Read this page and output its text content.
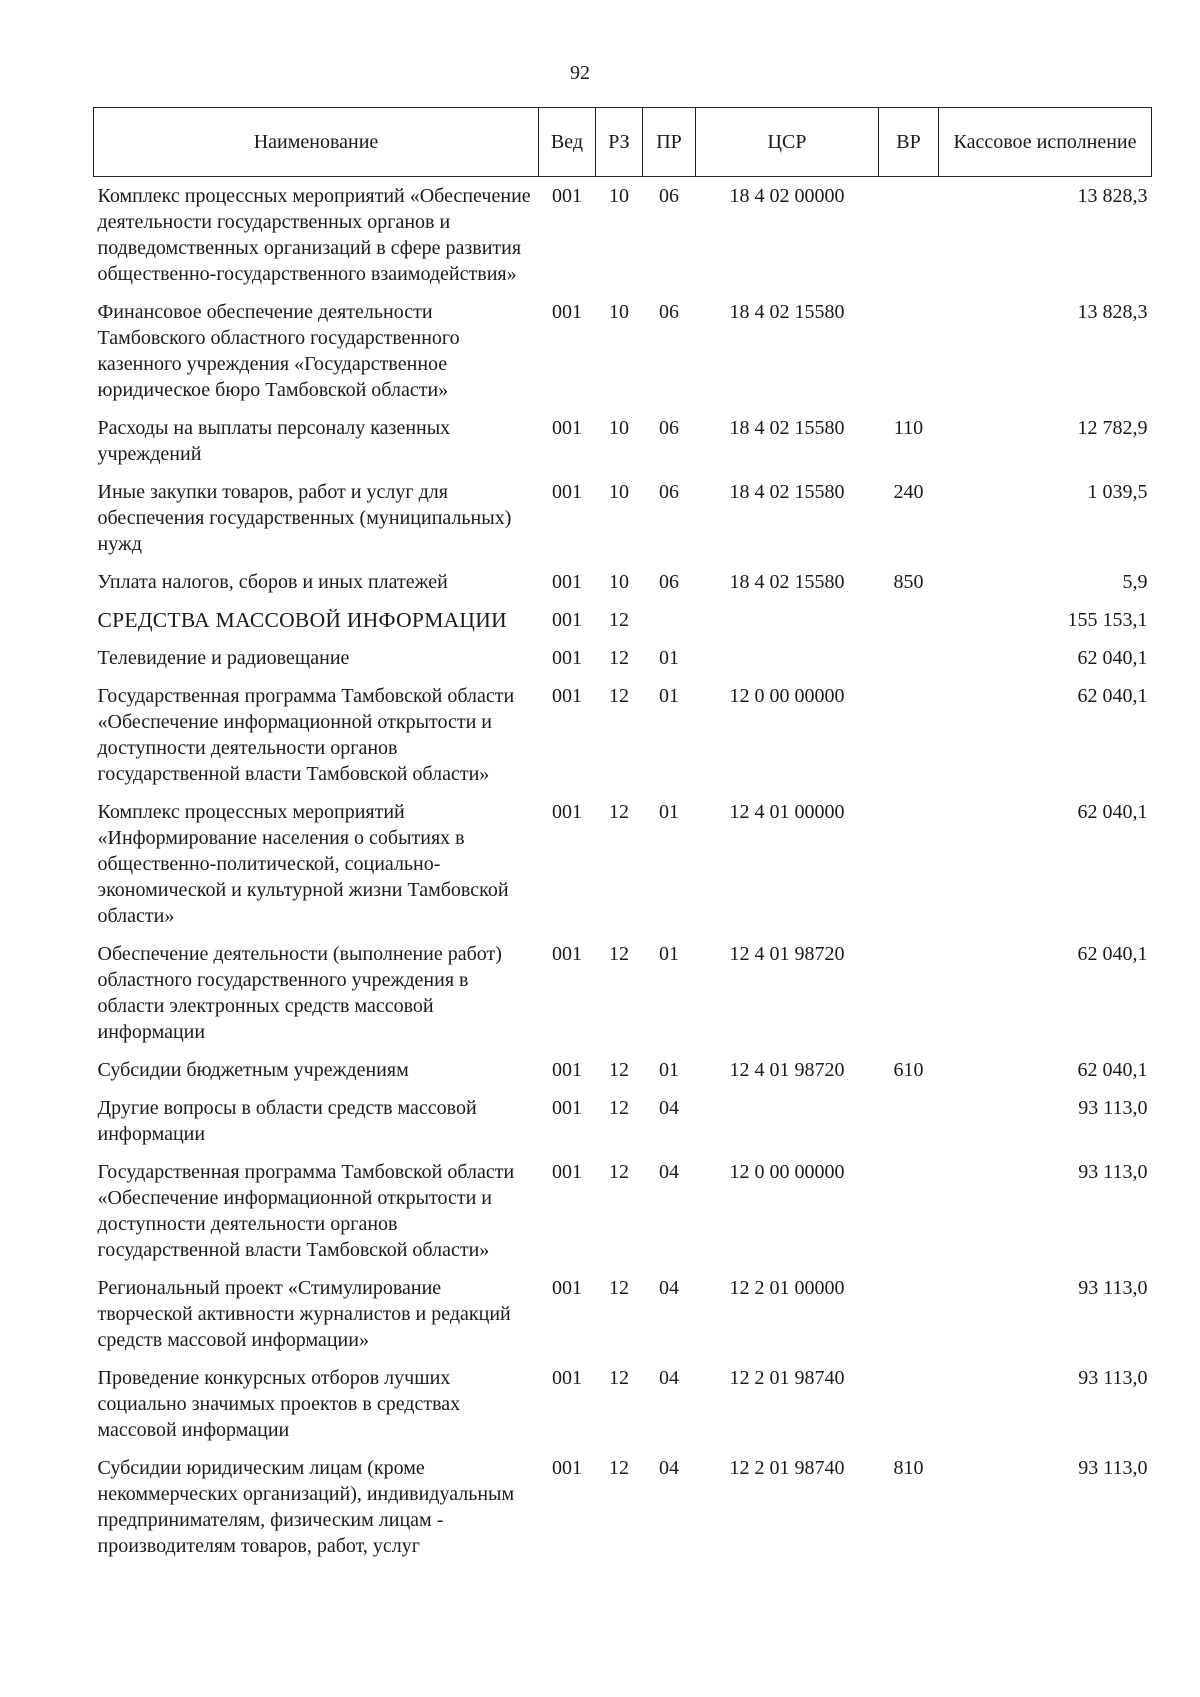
92
Наименование	Вед	РЗ	ПР	ЦСР	ВР	Кассовое исполнение
Комплекс процессных мероприятий «Обеспечение деятельности государственных органов и подведомственных организаций в сфере развития общественно-государственного взаимодействия»	001	10	06	18 4 02 00000		13 828,3
Финансовое обеспечение деятельности Тамбовского областного государственного казенного учреждения «Государственное юридическое бюро Тамбовской области»	001	10	06	18 4 02 15580		13 828,3
Расходы на выплаты персоналу казенных учреждений	001	10	06	18 4 02 15580	110	12 782,9
Иные закупки товаров, работ и услуг для обеспечения государственных (муниципальных) нужд	001	10	06	18 4 02 15580	240	1 039,5
Уплата налогов, сборов и иных платежей	001	10	06	18 4 02 15580	850	5,9
СРЕДСТВА МАССОВОЙ ИНФОРМАЦИИ	001	12				155 153,1
Телевидение и радиовещание	001	12	01			62 040,1
Государственная программа Тамбовской области «Обеспечение информационной открытости и доступности деятельности органов государственной власти Тамбовской области»	001	12	01	12 0 00 00000		62 040,1
Комплекс процессных мероприятий «Информирование населения о событиях в общественно-политической, социально-экономической и культурной жизни Тамбовской области»	001	12	01	12 4 01 00000		62 040,1
Обеспечение деятельности (выполнение работ) областного государственного учреждения в области электронных средств массовой информации	001	12	01	12 4 01 98720		62 040,1
Субсидии бюджетным учреждениям	001	12	01	12 4 01 98720	610	62 040,1
Другие вопросы в области средств массовой информации	001	12	04			93 113,0
Государственная программа Тамбовской области «Обеспечение информационной открытости и доступности деятельности органов государственной власти Тамбовской области»	001	12	04	12 0 00 00000		93 113,0
Региональный проект «Стимулирование творческой активности журналистов и редакций средств массовой информации»	001	12	04	12 2 01 00000		93 113,0
Проведение конкурсных отборов лучших социально значимых проектов в средствах массовой информации	001	12	04	12 2 01 98740		93 113,0
Субсидии юридическим лицам (кроме некоммерческих организаций), индивидуальным предпринимателям, физическим лицам - производителям товаров, работ, услуг	001	12	04	12 2 01 98740	810	93 113,0
